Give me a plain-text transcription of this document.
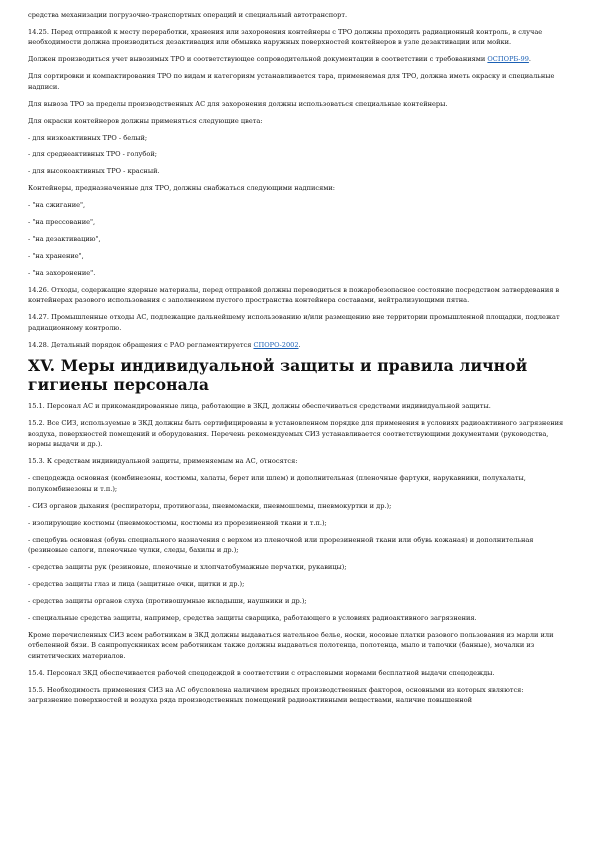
средства механизации погрузочно-транспортных операций и специальный автотранспорт.

14.25. Перед отправкой к месту переработки, хранения или захоронения контейнеры с ТРО должны проходить радиационный контроль, в случае необходимости должна производиться дезактивация или обмывка наружных поверхностей контейнеров в узле дезактивации или мойки.

Должен производиться учет вывозимых ТРО и соответствующее сопроводительной документации в соответствии с требованиями ОСПОРБ-99.

Для сортировки и компактирования ТРО по видам и категориям устанавливается тара, применяемая для ТРО, должна иметь окраску и специальные надписи.

Для вывоза ТРО за пределы производственных АС для захоронения должны использоваться специальные контейнеры.

Для окраски контейнеров должны применяться следующие цвета:

- для низкоактивных ТРО - белый;

- для среднеактивных ТРО - голубой;

- для высокоактивных ТРО - красный.

Контейнеры, предназначенные для ТРО, должны снабжаться следующими надписями:

- "на сжигание",

- "на прессование",

- "на дезактивацию",

- "на хранение",

- "на захоронение".

14.26. Отходы, содержащие ядерные материалы, перед отправкой должны переводиться в пожаробезопасное состояние посредством затвердевания в контейнерах разового использования с заполнением пустого пространства контейнера составами, нейтрализующими пятна.

14.27. Промышленные отходы АС, подлежащие дальнейшему использованию и/или размещению вне территории промышленной площадки, подлежат радиационному контролю.

14.28. Детальный порядок обращения с РАО регламентируется СПОРО-2002.

XV. Меры индивидуальной защиты и правила личной гигиены персонала

15.1. Персонал АС и прикомандированные лица, работающие в ЗКД, должны обеспечиваться средствами индивидуальной защиты.

15.2. Все СИЗ, используемые в ЗКД должны быть сертифицированы в установленном порядке для применения в условиях радиоактивного загрязнения воздуха, поверхностей помещений и оборудования. Перечень рекомендуемых СИЗ устанавливается соответствующими документами (руководства, нормы выдачи и др.).

15.3. К средствам индивидуальной защиты, применяемым на АС, относятся:

- спецодежда основная (комбинезоны, костюмы, халаты, берет или шлем) и дополнительная (пленочные фартуки, нарукавники, полухалаты, полукомбинезоны и т.п.);

- СИЗ органов дыхания (респираторы, противогазы, пневмомаски, пневмошлемы, пневмокуртки и др.);

- изолирующие костюмы (пневмокостюмы, костюмы из прорезиненной ткани и т.п.);

- спецобувь основная (обувь специального назначения с верхом из пленочной или прорезиненной ткани или обувь кожаная) и дополнительная (резиновые сапоги, пленочные чулки, следы, бахилы и др.);

- средства защиты рук (резиновые, пленочные и хлопчатобумажные перчатки, рукавицы);

- средства защиты глаз и лица (защитные очки, щитки и др.);

- средства защиты органов слуха (противошумные вкладыши, наушники и др.);

- специальные средства защиты, например, средства защиты сварщика, работающего в условиях радиоактивного загрязнения.

Кроме перечисленных СИЗ всем работникам в ЗКД должны выдаваться нательное белье, носки, носовые платки разового пользования из марли или отбеленной бязи. В санпропускниках всем работникам также должны выдаваться полотенца, полотенца, мыло и тапочки (банные), мочалки из синтетических материалов.

15.4. Персонал ЗКД обеспечивается рабочей спецодеждой в соответствии с отраслевыми нормами бесплатной выдачи спецодежды.

15.5. Необходимость применения СИЗ на АС обусловлена наличием вредных производственных факторов, основными из которых являются: загрязнение поверхностей и воздуха ряда производственных помещений радиоактивными веществами, наличие повышенной
